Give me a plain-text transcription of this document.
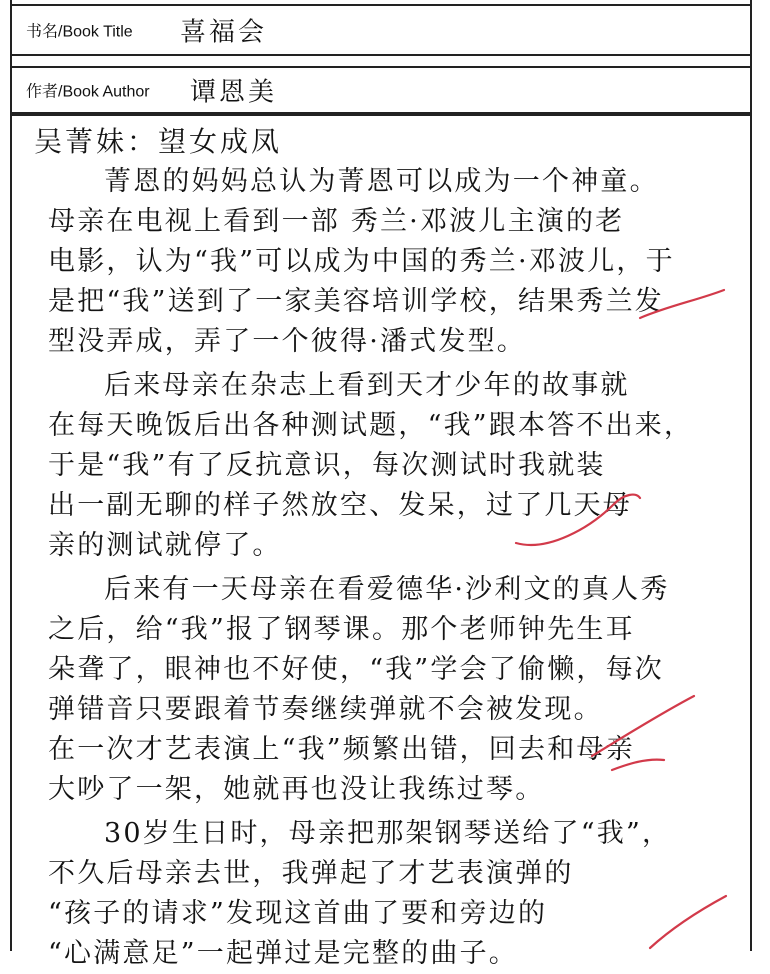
书名/Book Title 喜福会
作者/Book Author 谭恩美
吴菁妹：望女成凤
菁恩的妈妈总认为菁恩可以成为一个神童。
母亲在电视上看到一部 秀兰·邓波儿主演的老
电影，认为“我”可以成为中国的秀兰·邓波儿，于
是把“我”送到了一家美容培训学校，结果秀兰发
型没弄成，弄了一个彼得·潘式发型。
后来母亲在杂志上看到天才少年的故事就
在每天晚饭后出各种测试题，“我”跟本答不出来，
于是“我”有了反抗意识，每次测试时我就装
出一副无聊的样子然放空、发呆，过了几天母
亲的测试就停了。
后来有一天母亲在看爱德华·沙利文的真人秀
之后，给“我”报了钢琴课。那个老师钟先生耳
朵聋了，眼神也不好使，“我”学会了偷懒，每次
弹错音只要跟着节奏继续弹就不会被发现。
在一次才艺表演上“我”频繁出错，回去和母亲
大吵了一架，她就再也没让我练过琴。
30岁生日时，母亲把那架钢琴送给了“我”，
不久后母亲去世，我弹起了才艺表演弹的
“孩子的请求”发现这首曲了要和旁边的
“心满意足”一起弹过是完整的曲子。
